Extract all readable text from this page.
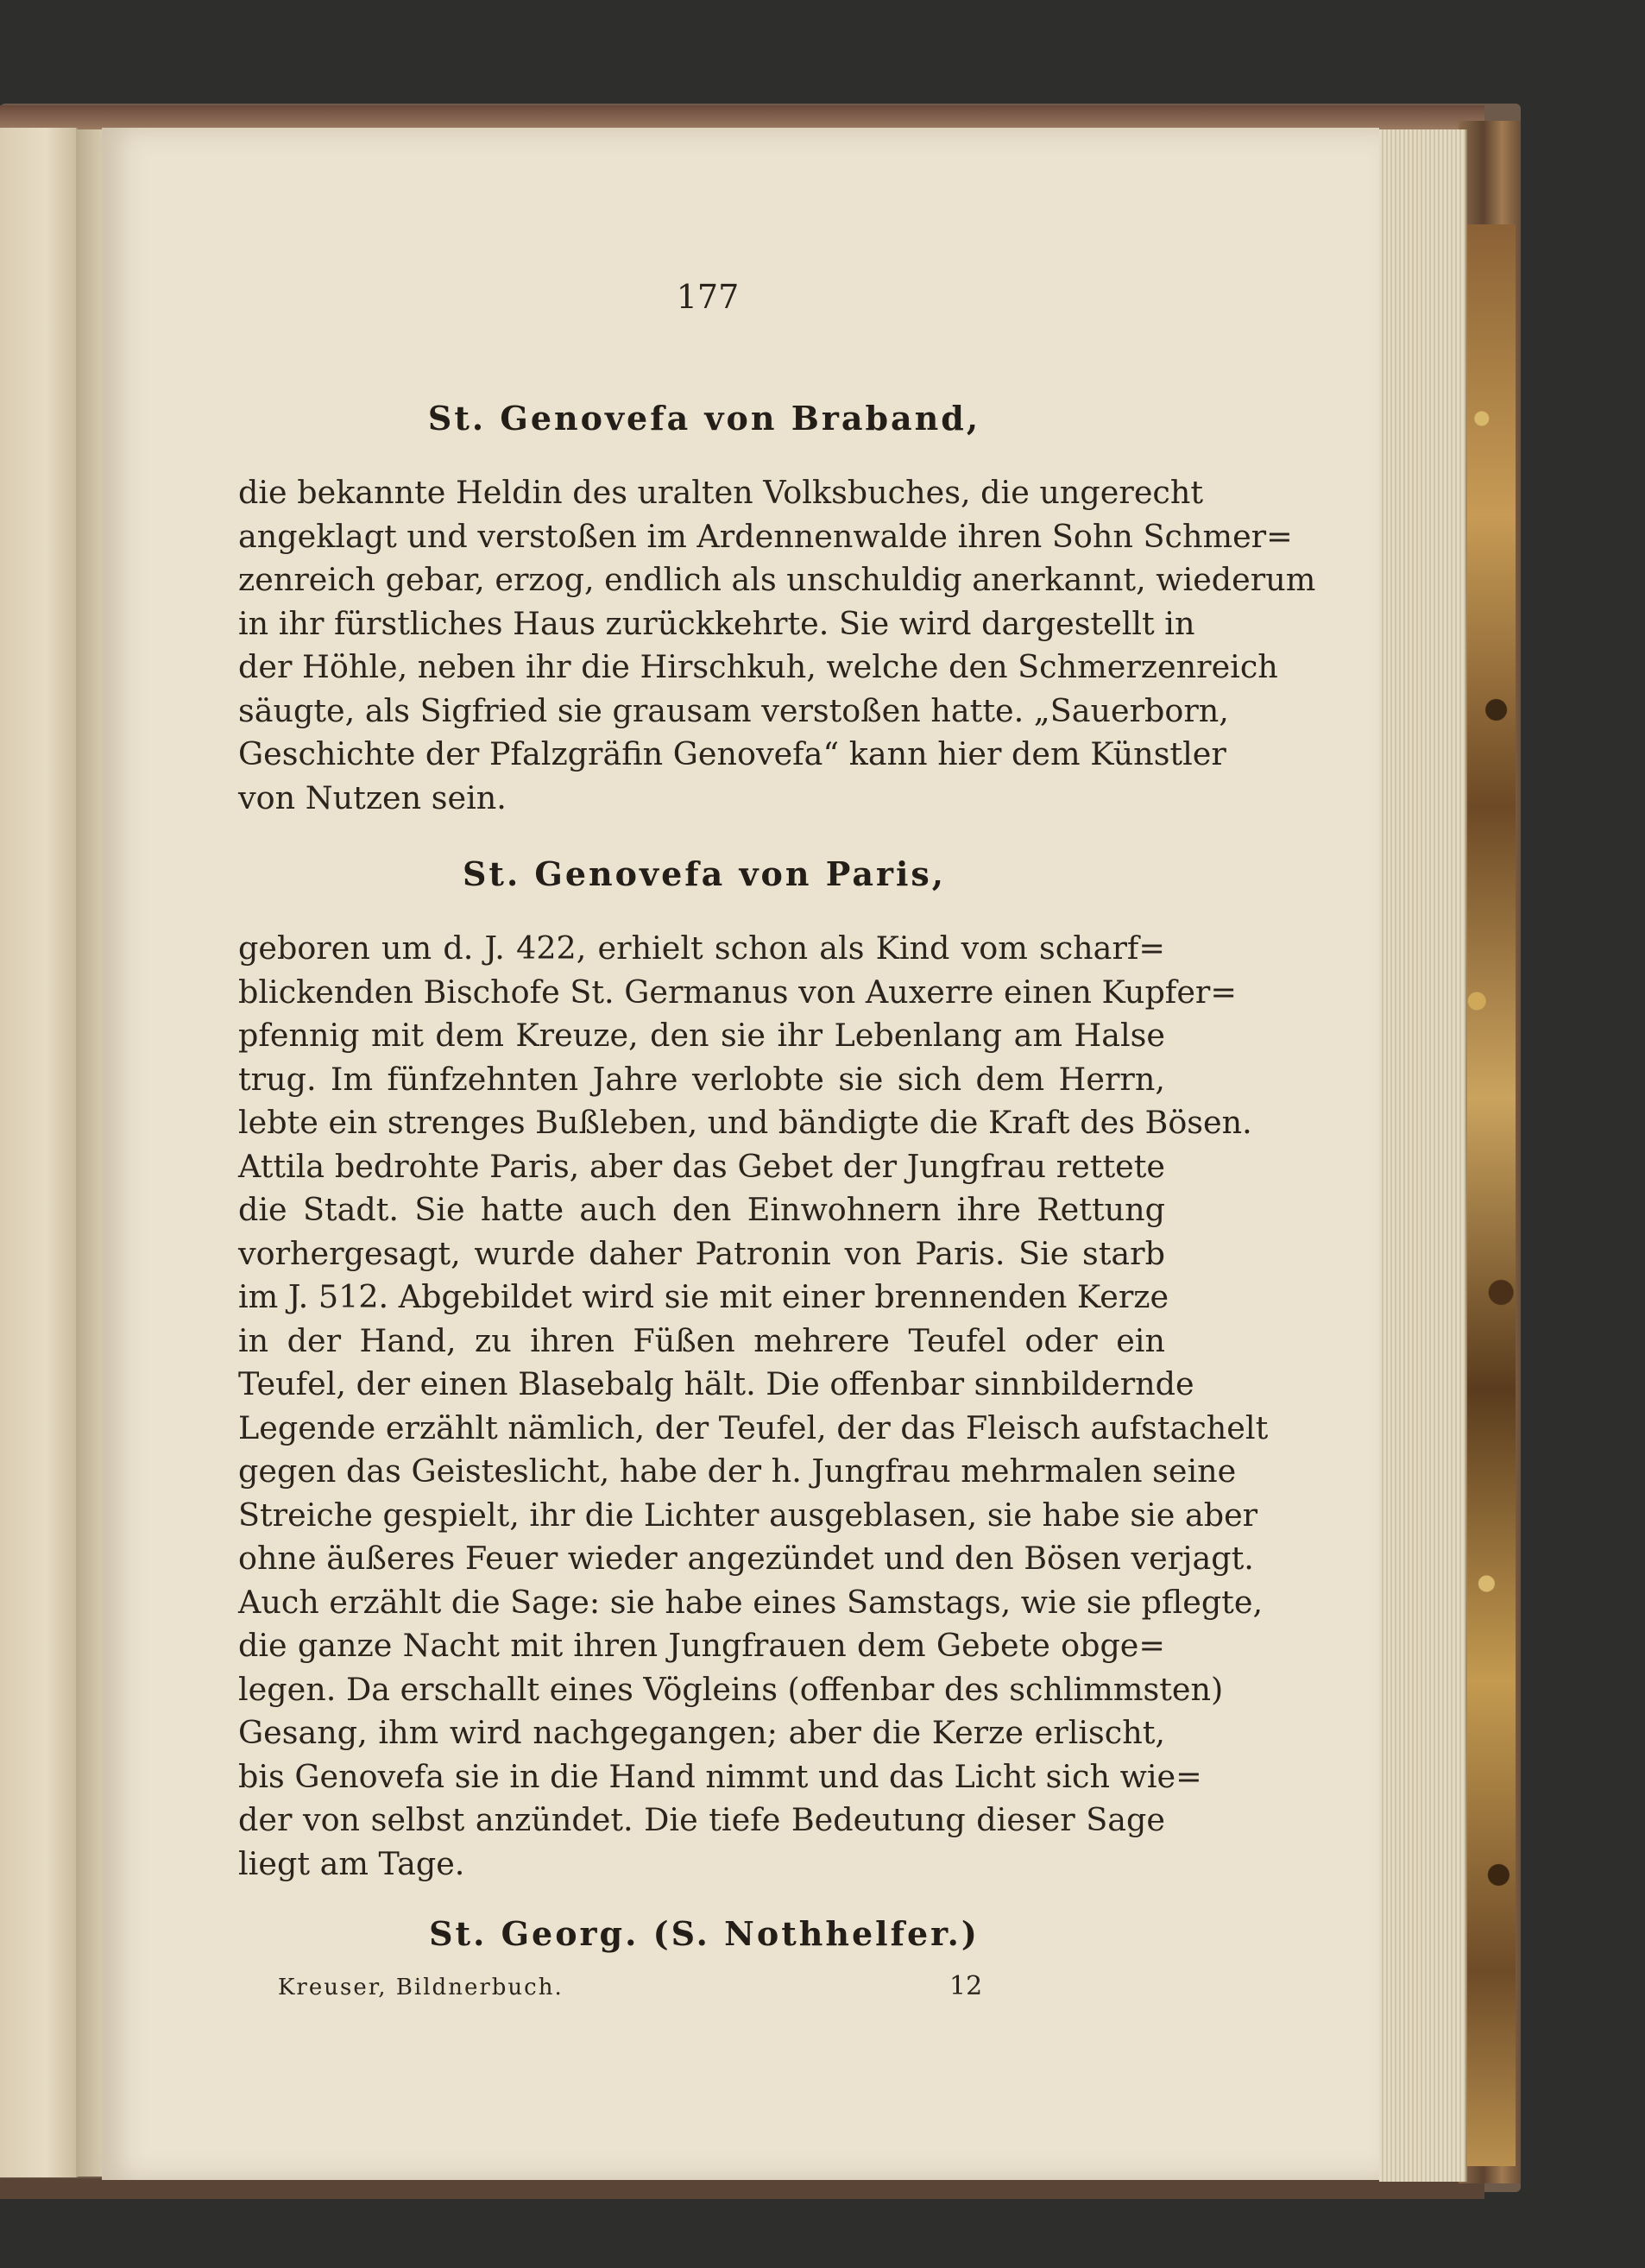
177
St. Genovefa von Braband,
die bekannte Heldin des uralten Volksbuches, die ungerecht
angeklagt und verstoßen im Ardennenwalde ihren Sohn Schmer=
zenreich gebar, erzog, endlich als unschuldig anerkannt, wiederum
in ihr fürstliches Haus zurückkehrte. Sie wird dargestellt in
der Höhle, neben ihr die Hirschkuh, welche den Schmerzenreich
säugte, als Sigfried sie grausam verstoßen hatte. „Sauerborn,
Geschichte der Pfalzgräfin Genovefa“ kann hier dem Künstler
von Nutzen sein.
St. Genovefa von Paris,
geboren um d. J. 422, erhielt schon als Kind vom scharf=
blickenden Bischofe St. Germanus von Auxerre einen Kupfer=
pfennig mit dem Kreuze, den sie ihr Lebenlang am Halse
trug. Im fünfzehnten Jahre verlobte sie sich dem Herrn,
lebte ein strenges Bußleben, und bändigte die Kraft des Bösen.
Attila bedrohte Paris, aber das Gebet der Jungfrau rettete
die Stadt. Sie hatte auch den Einwohnern ihre Rettung
vorhergesagt, wurde daher Patronin von Paris. Sie starb
im J. 512. Abgebildet wird sie mit einer brennenden Kerze
in der Hand, zu ihren Füßen mehrere Teufel oder ein
Teufel, der einen Blasebalg hält. Die offenbar sinnbildernde
Legende erzählt nämlich, der Teufel, der das Fleisch aufstachelt
gegen das Geisteslicht, habe der h. Jungfrau mehrmalen seine
Streiche gespielt, ihr die Lichter ausgeblasen, sie habe sie aber
ohne äußeres Feuer wieder angezündet und den Bösen verjagt.
Auch erzählt die Sage: sie habe eines Samstags, wie sie pflegte,
die ganze Nacht mit ihren Jungfrauen dem Gebete obge=
legen. Da erschallt eines Vögleins (offenbar des schlimmsten)
Gesang, ihm wird nachgegangen; aber die Kerze erlischt,
bis Genovefa sie in die Hand nimmt und das Licht sich wie=
der von selbst anzündet. Die tiefe Bedeutung dieser Sage
liegt am Tage.
St. Georg. (S. Nothhelfer.)
Kreuser, Bildnerbuch.	12
